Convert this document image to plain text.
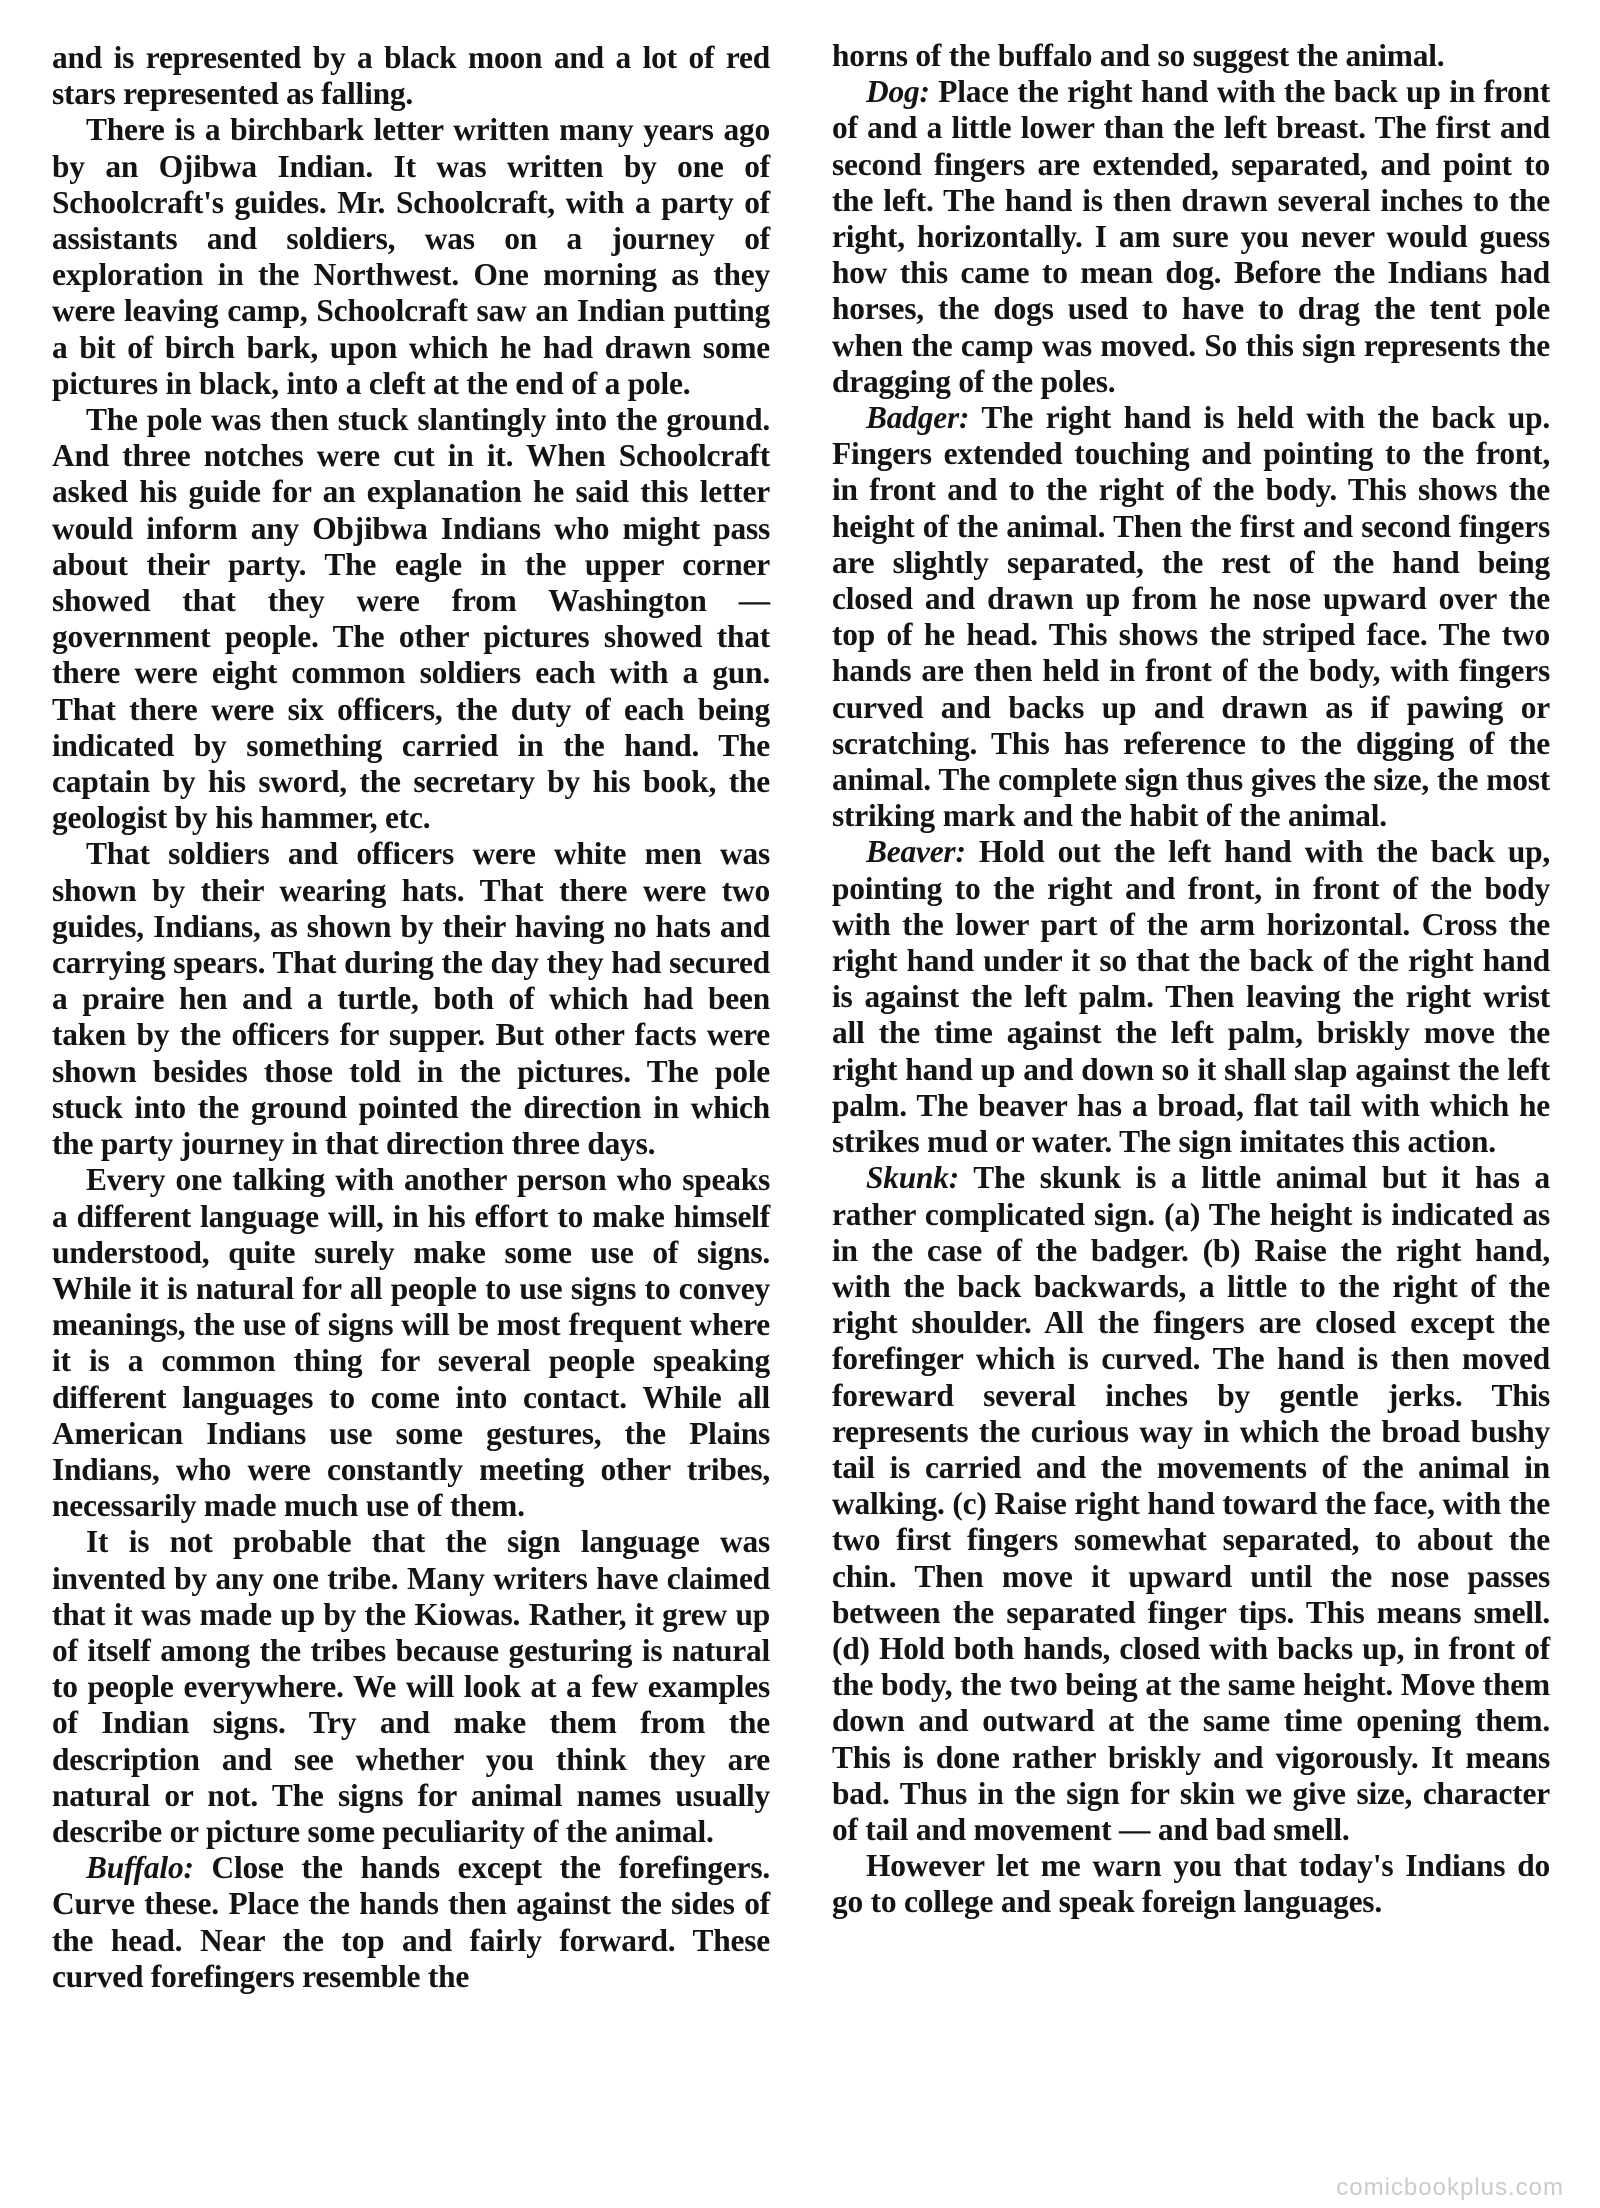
and is represented by a black moon and a lot of red stars represented as falling.

There is a birchbark letter written many years ago by an Ojibwa Indian. It was written by one of Schoolcraft's guides. Mr. Schoolcraft, with a party of assistants and soldiers, was on a journey of exploration in the Northwest. One morning as they were leaving camp, Schoolcraft saw an Indian putting a bit of birch bark, upon which he had drawn some pictures in black, into a cleft at the end of a pole.

The pole was then stuck slantingly into the ground. And three notches were cut in it. When Schoolcraft asked his guide for an explanation he said this letter would inform any Objibwa Indians who might pass about their party. The eagle in the upper corner showed that they were from Washington — government people. The other pictures showed that there were eight common soldiers each with a gun. That there were six officers, the duty of each being indicated by something carried in the hand. The captain by his sword, the secretary by his book, the geologist by his hammer, etc.

That soldiers and officers were white men was shown by their wearing hats. That there were two guides, Indians, as shown by their having no hats and carrying spears. That during the day they had secured a praire hen and a turtle, both of which had been taken by the officers for supper. But other facts were shown besides those told in the pictures. The pole stuck into the ground pointed the direction in which the party journey in that direction three days.

Every one talking with another person who speaks a different language will, in his effort to make himself understood, quite surely make some use of signs. While it is natural for all people to use signs to convey meanings, the use of signs will be most frequent where it is a common thing for several people speaking different languages to come into contact. While all American Indians use some gestures, the Plains Indians, who were constantly meeting other tribes, necessarily made much use of them.

It is not probable that the sign language was invented by any one tribe. Many writers have claimed that it was made up by the Kiowas. Rather, it grew up of itself among the tribes because gesturing is natural to people everywhere. We will look at a few examples of Indian signs. Try and make them from the description and see whether you think they are natural or not. The signs for animal names usually describe or picture some peculiarity of the animal.

Buffalo: Close the hands except the forefingers. Curve these. Place the hands then against the sides of the head. Near the top and fairly forward. These curved forefingers resemble the

horns of the buffalo and so suggest the animal.

Dog: Place the right hand with the back up in front of and a little lower than the left breast. The first and second fingers are extended, separated, and point to the left. The hand is then drawn several inches to the right, horizontally. I am sure you never would guess how this came to mean dog. Before the Indians had horses, the dogs used to have to drag the tent pole when the camp was moved. So this sign represents the dragging of the poles.

Badger: The right hand is held with the back up. Fingers extended touching and pointing to the front, in front and to the right of the body. This shows the height of the animal. Then the first and second fingers are slightly separated, the rest of the hand being closed and drawn up from he nose upward over the top of he head. This shows the striped face. The two hands are then held in front of the body, with fingers curved and backs up and drawn as if pawing or scratching. This has reference to the digging of the animal. The complete sign thus gives the size, the most striking mark and the habit of the animal.

Beaver: Hold out the left hand with the back up, pointing to the right and front, in front of the body with the lower part of the arm horizontal. Cross the right hand under it so that the back of the right hand is against the left palm. Then leaving the right wrist all the time against the left palm, briskly move the right hand up and down so it shall slap against the left palm. The beaver has a broad, flat tail with which he strikes mud or water. The sign imitates this action.

Skunk: The skunk is a little animal but it has a rather complicated sign. (a) The height is indicated as in the case of the badger. (b) Raise the right hand, with the back backwards, a little to the right of the right shoulder. All the fingers are closed except the forefinger which is curved. The hand is then moved foreward several inches by gentle jerks. This represents the curious way in which the broad bushy tail is carried and the movements of the animal in walking. (c) Raise right hand toward the face, with the two first fingers somewhat separated, to about the chin. Then move it upward until the nose passes between the separated finger tips. This means smell. (d) Hold both hands, closed with backs up, in front of the body, the two being at the same height. Move them down and outward at the same time opening them. This is done rather briskly and vigorously. It means bad. Thus in the sign for skin we give size, character of tail and movement — and bad smell.

However let me warn you that today's Indians do go to college and speak foreign languages.

comicbookplus.com
